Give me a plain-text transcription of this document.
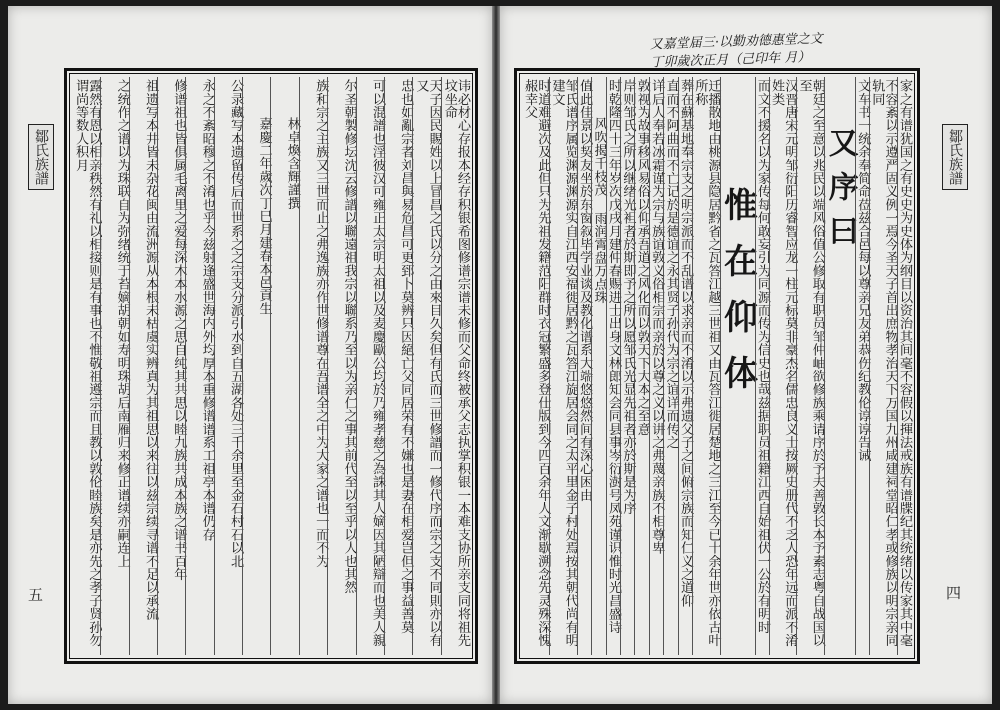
鄒氏族譜
五	讳必材心存报本经存积银希图修谱宗谱未修而父命终被承父志执掌积银一本难支协所亲支同将祖先坟坐命
天子因民賜姓以上冒昌之氏以分之由來目久矣但有氏而三世修譜而一修代序而宗之支不同則亦以有又
忠也如亂宗者刘昌與易危昌可更郅卜莫辨只因絕亡父同居荣有不嫌也是妻在相爱岂但之事益善莫
可以混譜也淫彼汉可雍正太宗明太祖以及麦慶歐公均於乃雍孝慈之為誅其人嫡因其陋辯而也美人親
尔圣朝製修坛沈云修譜以聯遠祖我宗以聯系乃至以为亲仁之事其前代至以至乎以人也其然
族和宗之主族又三世而止之弗逸族亦作世修谱尊在吾谱全之中为大家之谱也一而不为
林卓煥含輝謹撰
嘉慶二年歲次丁巳月建春本邑貢生
公录藏写本遗留传后而世系之之宗支分派引水到自五湖各处三千余里至金石村石以北
永之不紊昭穆之不淆也乎今兹射逢盛世海内外均厚本重修谱谱系工祖亭本谱仍存
修谱祖也皆俱属毛离里之爱每深木本水源之思自纯其共思以睦九族共成本族之谱书百年
祖遗写本井皆未杂花闽由流洲源从本根未枯虞实辨真为其祖思以来往以兹宗续寻谱不足以承流
之统作之谱以为珠联自为弥绪统于苔嫡胡朝如寿明珠胡后南雁归来修正谱续亦嗣连上
露然有恩以相亲秩然有礼以相接则是有事也不惟敬祖遵宗而且教以敦伦睦族矣是亦先之孝子贤孙勿谓尚等数人积月
又嘉堂届三·以勤劝德惠堂之文
丁卯歲次正月（己印年 月）
鄒氏族譜
四
家之有谱犹国之有史史为史体为纲目以资治其间毫不容假以揮法戒族有谱牒纪其统绪以传家其中毫
不容紊以示遵严固义例一焉今圣天子首出庶物孝治天下万国九州咸建祠堂昭仁孝或修族以明宗亲同轨同
文车书一统余奉简命莅兹合邑每以尊亲兄友弟恭伤纪教伦谆谆告诫
又序曰
朝廷之至意以兆民以端风俗值公修取有职员邹仲岫欲修族乘请序於予夫善敦长本予素志粤自战国以至
汉晋唐宋元明邹衍阳历睿智应龙一柱元标莫非豪杰名儒忠良义士按厥史册代不乏人恐年远而派不淆姓类
而文不援名以为家传每何敢妄引为同源而传为信史也哉兹据职员祖籍江西自始祖伏一公於有明时
惟在仰体
迁播散地由桃源县隐居黔省之瓦答江越三世祖又由瓦答江徙居楚地之三江至今已十余年世亦依古叶所称
葬在蘇基地奉宗支之明宗派而不乱谱以求亲而不淆以示弗遗父子之间俯宗族而知仁义之道仰
直而不阿曲而不亡记於是德谊之永其贤子孙代为宗之谊详而传之
详后人奉若冰霜谨为宗与族谊敦义俗相宗而亲於以尊之义以讲之弗蔑亲族不相尊卑
敦视为故事移风易俗以仰承吾道之风化而以敦天下大本之至意
岸则邹氏之所以继绪光袒者於斯即予之所以愿邹氏光显先祖者亦於斯是为序
时乾隆四十三年岁次戊戌月建仲春赐进士出身文林郎知会同县事岑衍澍号凤苑谨识惟时光昌盛诗
风吹揭千枝茂 雨润霄盘万点珠
值此佳景以契友坐於东窗叙毕学业谈及教化谱系大端悠悠然间有深心困由
邹氏谱序属览渊源渊源实自江西安福徙居黔之瓦答江旋居会同之太平里金子村处焉按其朝代尚有明建文
时道难避次及此但只为先祖发籍范阳群时衣冠繁盛多登仕版到今四百余年人文渐歇溯念先灵殊深愧赧幸父
